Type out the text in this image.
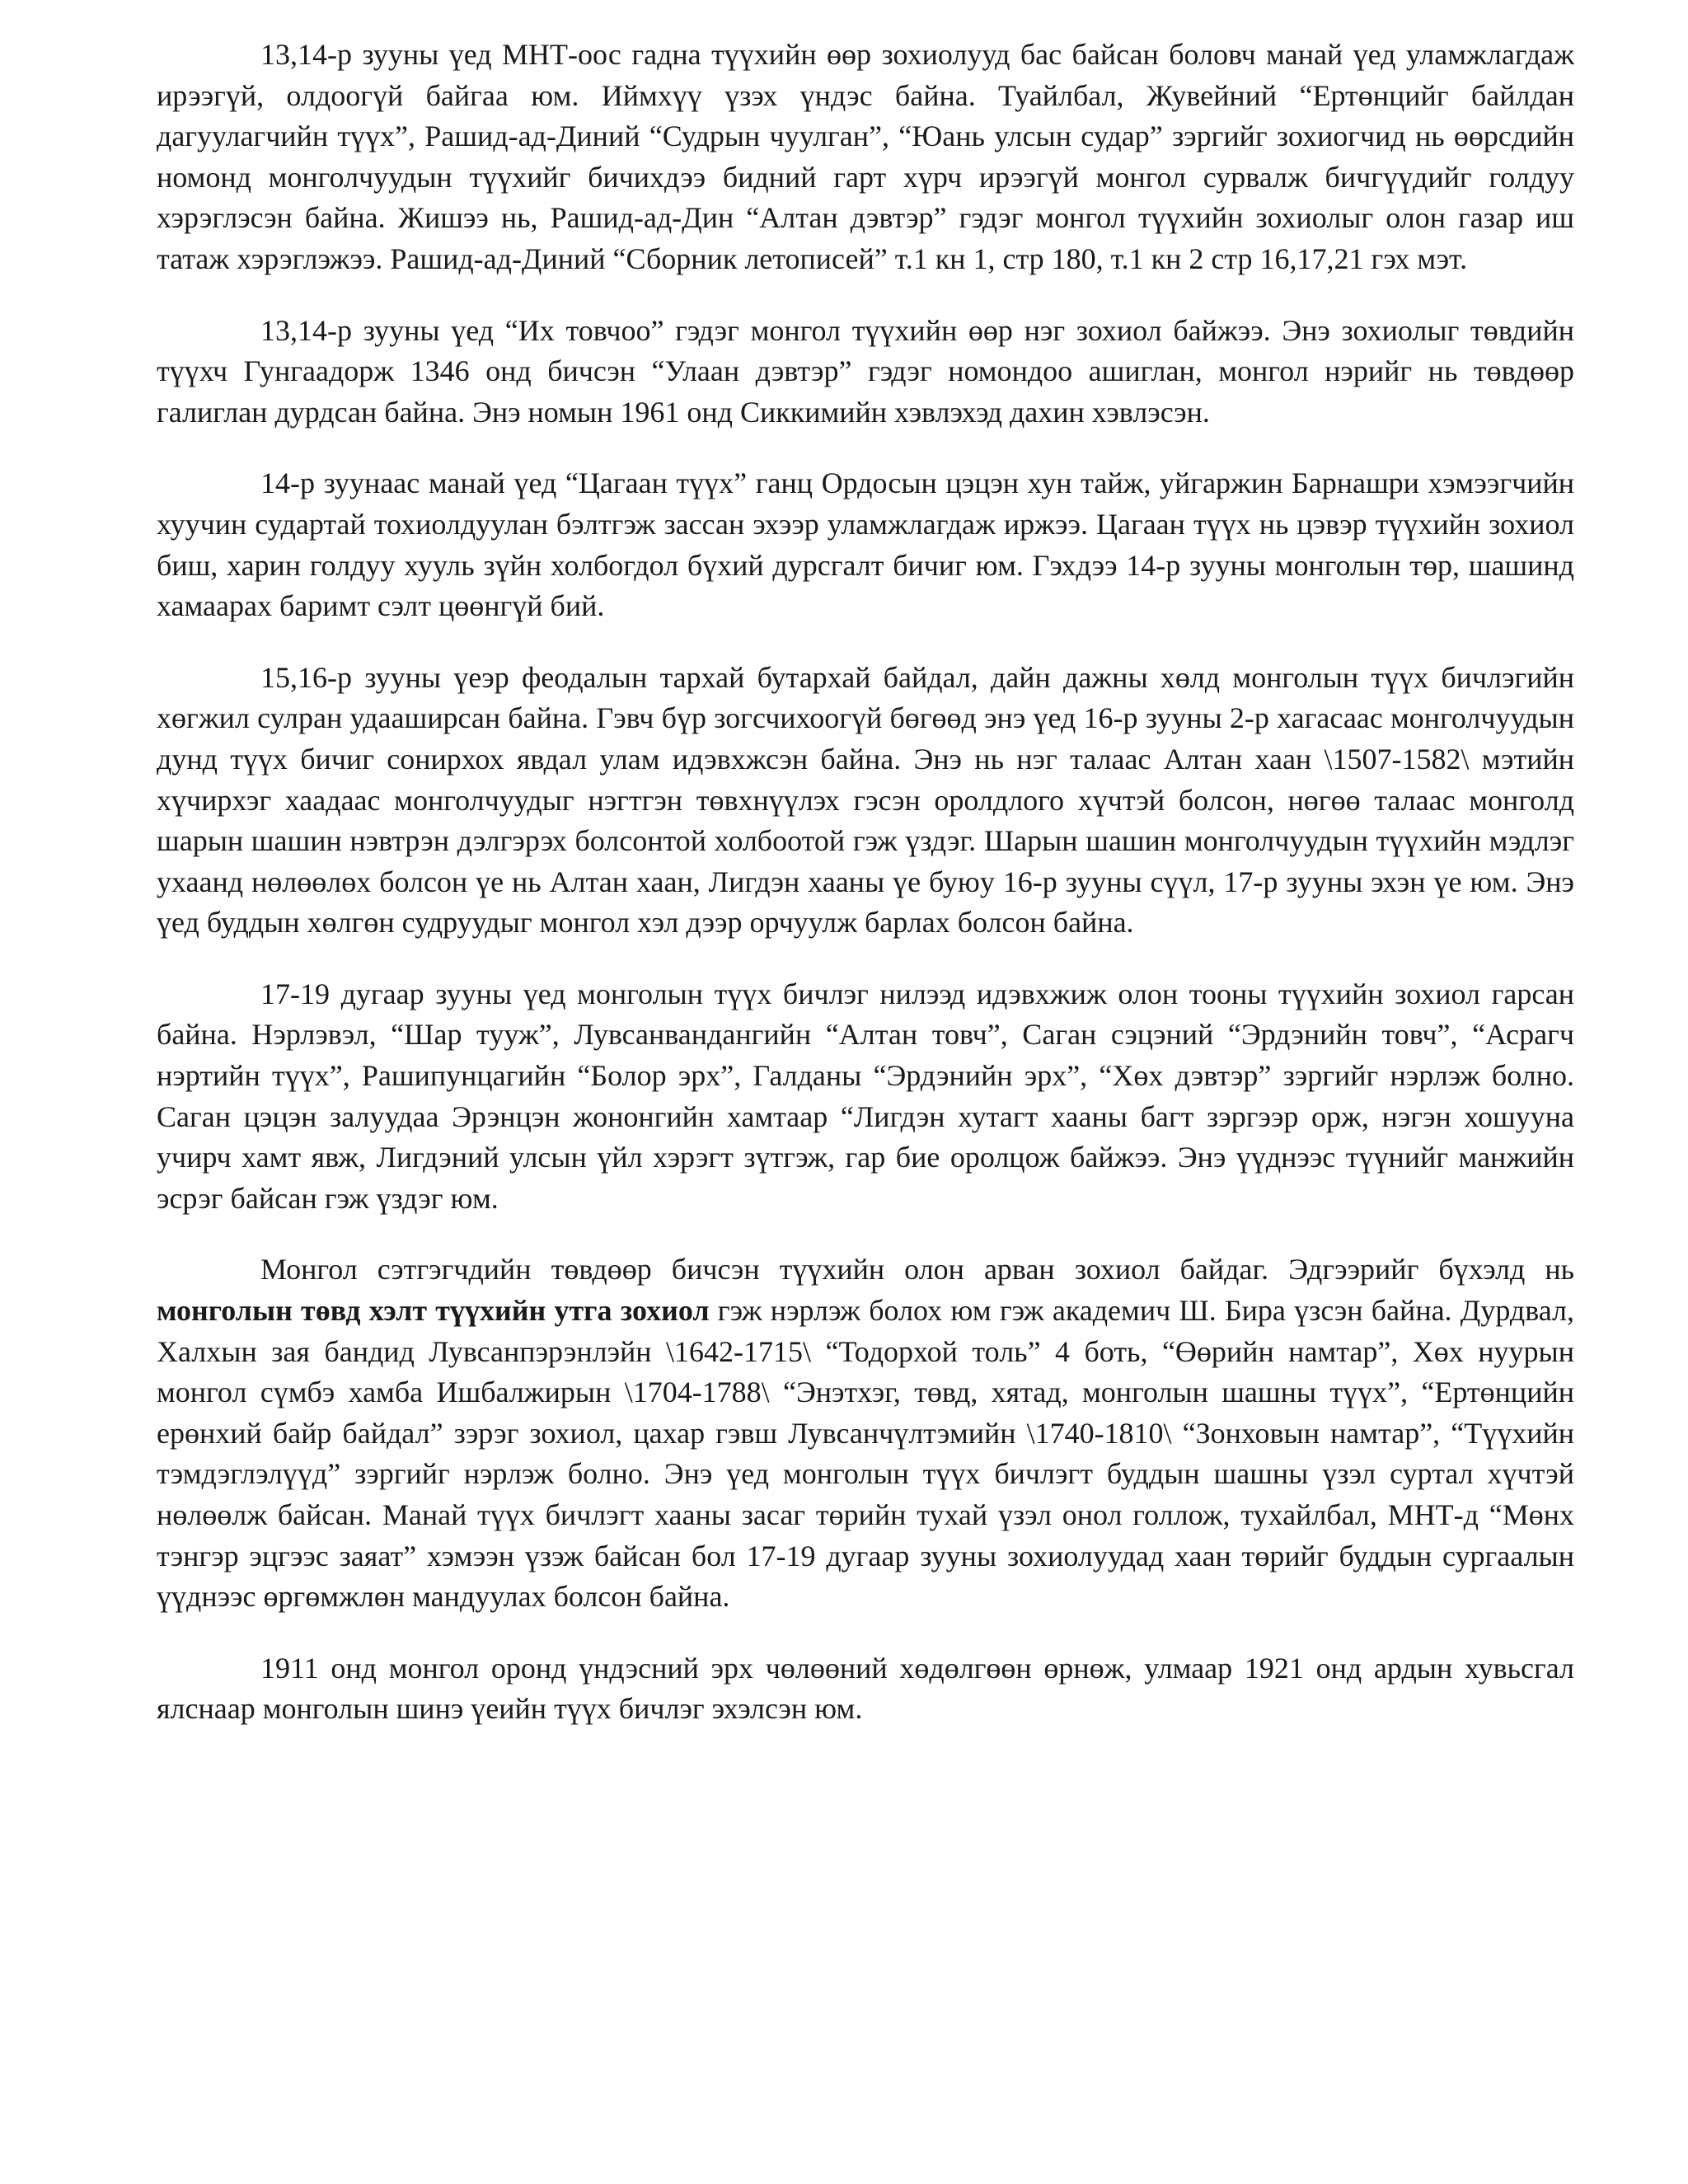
13,14-р зууны үед МНТ-оос гадна түүхийн өөр зохиолууд бас байсан боловч манай үед уламжлагдаж ирээгүй, олдоогүй байгаа юм. Иймхүү үзэх үндэс байна. Туайлбал, Жувейний “Ертөнцийг байлдан дагуулагчийн түүх”, Рашид-ад-Диний “Судрын чуулган”, “Юань улсын судар” зэргийг зохиогчид нь өөрсдийн номонд монголчуудын түүхийг бичихдээ бидний гарт хүрч ирээгүй монгол сурвалж бичгүүдийг голдуу хэрэглэсэн байна. Жишээ нь, Рашид-ад-Дин “Алтан дэвтэр” гэдэг монгол түүхийн зохиолыг олон газар иш татаж хэрэглэжээ. Рашид-ад-Диний “Сборник летописей” т.1 кн 1, стр 180, т.1 кн 2 стр 16,17,21 гэх мэт.

13,14-р зууны үед “Их товчоо” гэдэг монгол түүхийн өөр нэг зохиол байжээ. Энэ зохиолыг төвдийн түүхч Гунгаадорж 1346 онд бичсэн “Улаан дэвтэр” гэдэг номондоо ашиглан, монгол нэрийг нь төвдөөр галиглан дурдсан байна. Энэ номын 1961 онд Сиккимийн хэвлэхэд дахин хэвлэсэн.

14-р зуунаас манай үед “Цагаан түүх” ганц Ордосын цэцэн хун тайж, уйгаржин Барнашри хэмээгчийн хуучин судартай тохиолдуулан бэлтгэж зассан эхээр уламжлагдаж иржээ. Цагаан түүх нь цэвэр түүхийн зохиол биш, харин голдуу хууль зүйн холбогдол бүхий дурсгалт бичиг юм. Гэхдээ 14-р зууны монголын төр, шашинд хамаарах баримт сэлт цөөнгүй бий.

15,16-р зууны үеэр феодалын тархай бутархай байдал, дайн дажны хөлд монголын түүх бичлэгийн хөгжил сулран удааширсан байна. Гэвч бүр зогсчихоогүй бөгөөд энэ үед 16-р зууны 2-р хагасаас монголчуудын дунд түүх бичиг сонирхох явдал улам идэвхжсэн байна. Энэ нь нэг талаас Алтан хаан \1507-1582\ мэтийн хүчирхэг хаадаас монголчуудыг нэгтгэн төвхнүүлэх гэсэн оролдлого хүчтэй болсон, нөгөө талаас монголд шарын шашин нэвтрэн дэлгэрэх болсонтой холбоотой гэж үздэг. Шарын шашин монголчуудын түүхийн мэдлэг ухаанд нөлөөлөх болсон үе нь Алтан хаан, Лигдэн хааны үе буюу 16-р зууны сүүл, 17-р зууны эхэн үе юм. Энэ үед буддын хөлгөн судруудыг монгол хэл дээр орчуулж барлах болсон байна.

17-19 дугаар зууны үед монголын түүх бичлэг нилээд идэвхжиж олон тооны түүхийн зохиол гарсан байна. Нэрлэвэл, “Шар тууж”, Лувсанвандангийн “Алтан товч”, Саган сэцэний “Эрдэнийн товч”, “Асрагч нэртийн түүх”, Рашипунцагийн “Болор эрх”, Галданы “Эрдэнийн эрх”, “Хөх дэвтэр” зэргийг нэрлэж болно. Саган цэцэн залуудаа Эрэнцэн жононгийн хамтаар “Лигдэн хутагт хааны багт зэргээр орж, нэгэн хошууна учирч хамт явж, Лигдэний улсын үйл хэрэгт зүтгэж, гар бие оролцож байжээ. Энэ үүднээс түүнийг манжийн эсрэг байсан гэж үздэг юм.

Монгол сэтгэгчдийн төвдөөр бичсэн түүхийн олон арван зохиол байдаг. Эдгээрийг бүхэлд нь монголын төвд хэлт түүхийн утга зохиол гэж нэрлэж болох юм гэж академич Ш. Бира үзсэн байна. Дурдвал, Халхын зая бандид Лувсанпэрэнлэйн \1642-1715\ “Тодорхой толь” 4 боть, “Өөрийн намтар”, Хөх нуурын монгол сүмбэ хамба Ишбалжирын \1704-1788\ “Энэтхэг, төвд, хятад, монголын шашны түүх”, “Ертөнцийн ерөнхий байр байдал” зэрэг зохиол, цахар гэвш Лувсанчүлтэмийн \1740-1810\ “Зонховын намтар”, “Түүхийн тэмдэглэлүүд” зэргийг нэрлэж болно. Энэ үед монголын түүх бичлэгт буддын шашны үзэл суртал хүчтэй нөлөөлж байсан. Манай түүх бичлэгт хааны засаг төрийн тухай үзэл онол голлож, тухайлбал, МНТ-д “Мөнх тэнгэр эцгээс заяат” хэмээн үзэж байсан бол 17-19 дугаар зууны зохиолуудад хаан төрийг буддын сургаалын үүднээс өргөмжлөн мандуулах болсон байна.

1911 онд монгол оронд үндэсний эрх чөлөөний хөдөлгөөн өрнөж, улмаар 1921 онд ардын хувьсгал ялснаар монголын шинэ үеийн түүх бичлэг эхэлсэн юм.
